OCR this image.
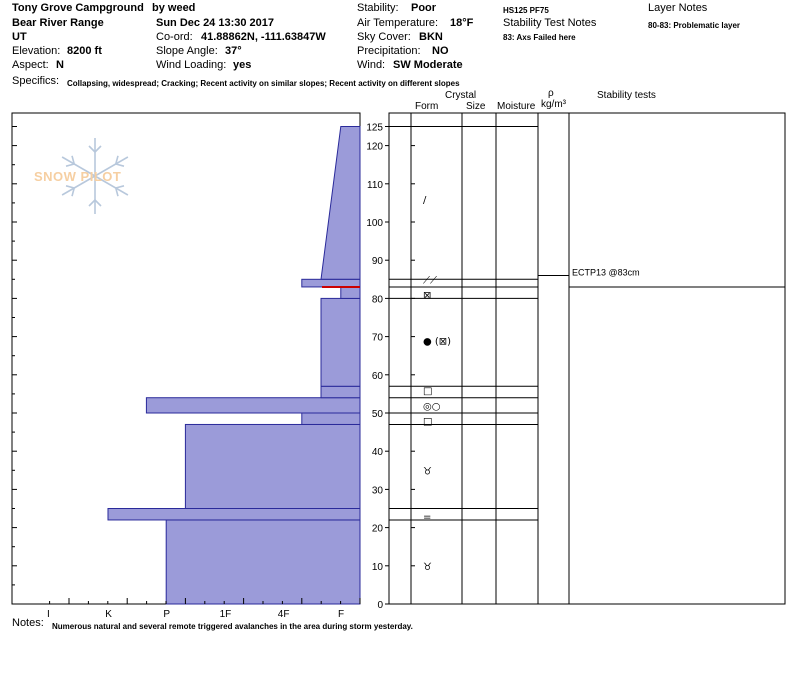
Tony Grove Campground by weed
Bear River Range	Sun Dec 24 13:30 2017
UT	Co-ord: 41.88862N, -111.63847W
Elevation: 8200 ft	Slope Angle: 37°
Aspect: N	Wind Loading: yes
Stability: Poor
Air Temperature: 18°F
Sky Cover: BKN
Precipitation: NO
Wind: SW Moderate
HS125 PF75
Stability Test Notes
83: Axs Failed here
Layer Notes
80-83: Problematic layer
Specifics: Collapsing, widespread; Cracking; Recent activity on similar slopes; Recent activity on different slopes
Crystal
Form	Size Moisture
ρ
kg/m³
Stability tests
I	K	P	1F	4F	F
0
10
20
30
40
50
60
70
80
90
100
110
120
125
♉
=
♉
□
◎○
□
● (⊠)
⊠
⟋⟋
/
ECTP13 @83cm
SNOW PILOT
Notes: Numerous natural and several remote triggered avalanches in the area during storm yesterday.
